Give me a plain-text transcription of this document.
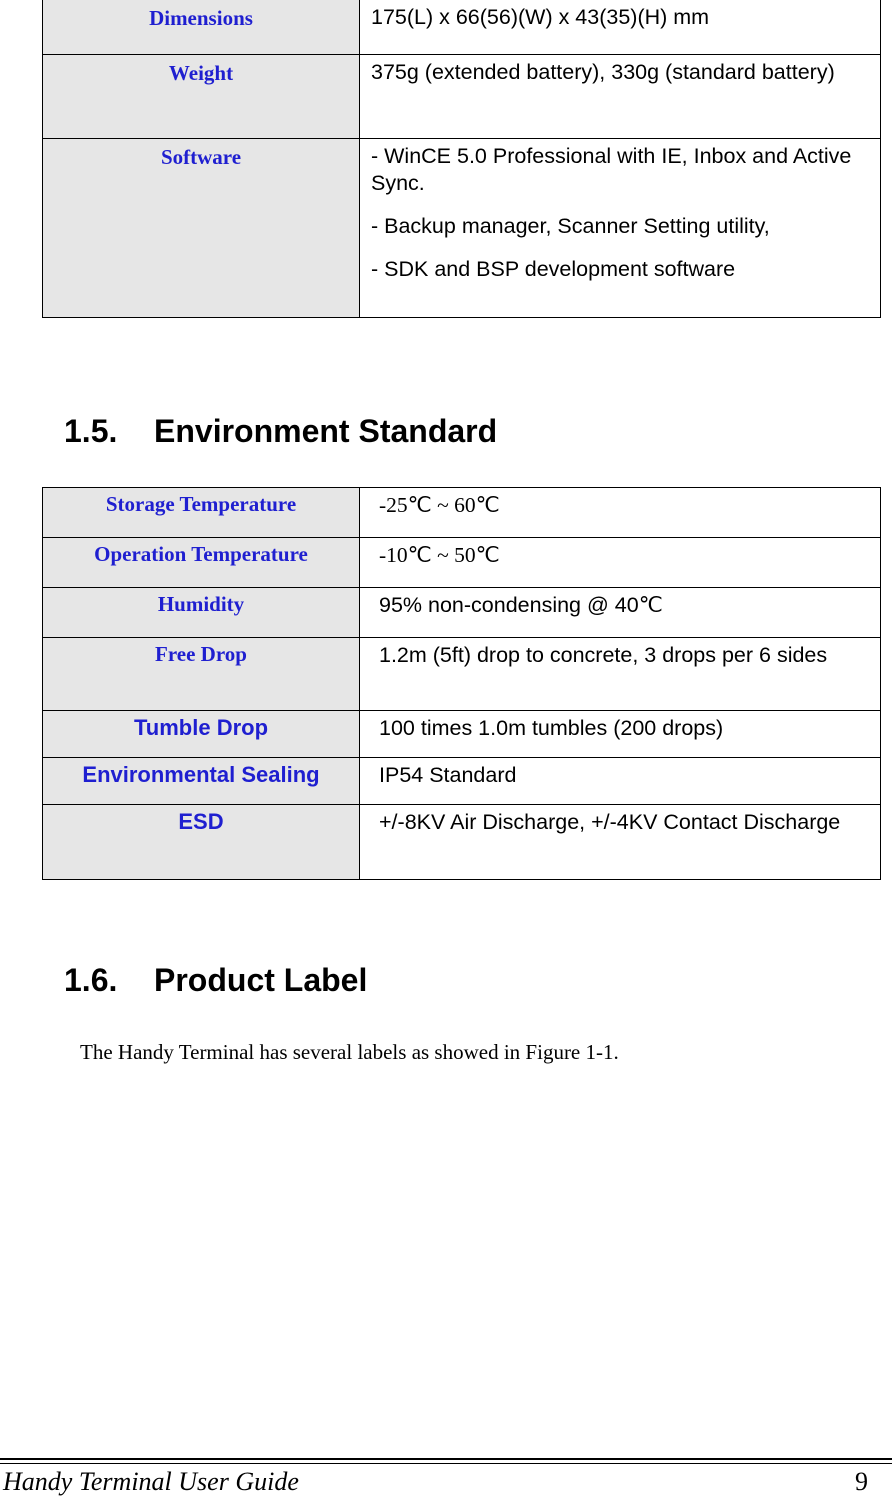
Dimensions	175(L) x 66(56)(W) x 43(35)(H) mm

Weight	375g (extended battery), 330g (standard battery)

Software	- WinCE 5.0 Professional with IE, Inbox and Active Sync.

- Backup manager, Scanner Setting utility,

- SDK and BSP development software

1.5. Environment Standard
Storage Temperature	-25℃ ~ 60℃
Operation Temperature	-10℃ ~ 50℃
Humidity	95% non-condensing @ 40℃
Free Drop	1.2m (5ft) drop to concrete, 3 drops per 6 sides
Tumble Drop	100 times 1.0m tumbles (200 drops)
Environmental Sealing	IP54 Standard
ESD	+/-8KV Air Discharge, +/-4KV Contact Discharge
1.6. Product Label

The Handy Terminal has several labels as showed in Figure 1-1.

Handy Terminal User Guide	9
